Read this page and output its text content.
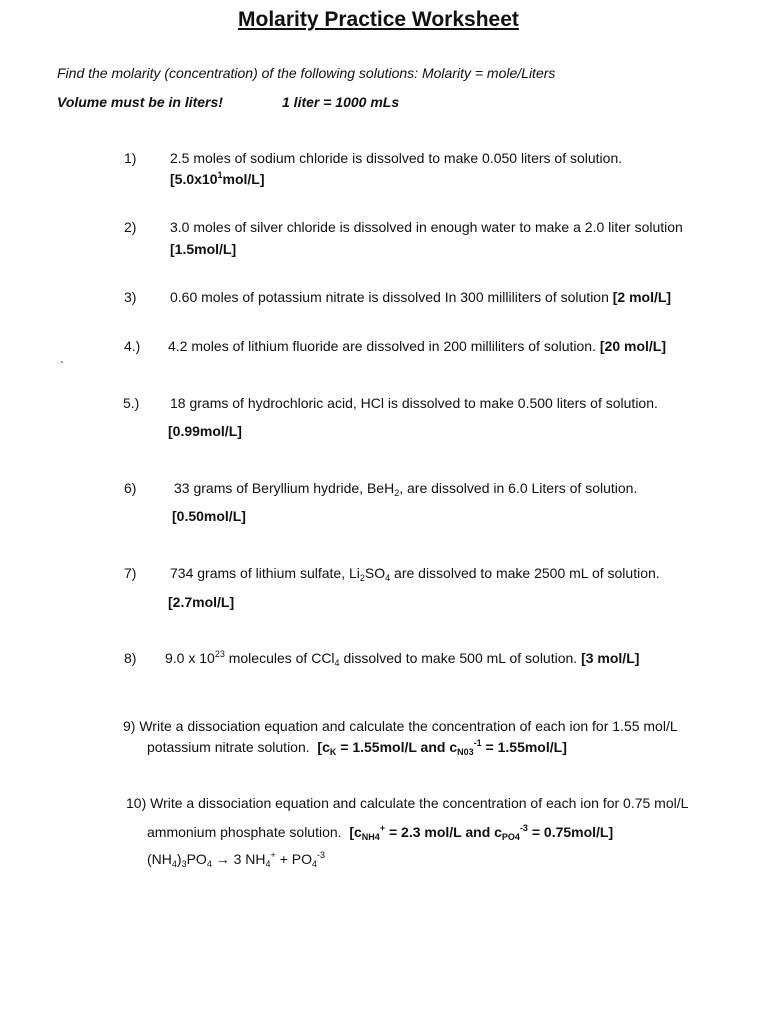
Molarity Practice Worksheet
Find the molarity (concentration) of the following solutions: Molarity = mole/Liters
Volume must be in liters!	1 liter = 1000 mLs
1) 2.5 moles of sodium chloride is dissolved to make 0.050 liters of solution.
$[5.0x10^1mol/L]$
2) 3.0 moles of silver chloride is dissolved in enough water to make a 2.0 liter solution
[1.5mol/L]
3) 0.60 moles of potassium nitrate is dissolved In 300 milliliters of solution [2 mol/L]
4.) 4.2 moles of lithium fluoride are dissolved in 200 milliliters of solution. [20 mol/L]
`
5.) 18 grams of hydrochloric acid, HCl is dissolved to make 0.500 liters of solution.
[0.99mol/L]
6)	33 grams of Beryllium hydride, BeH$_2$, are dissolved in 6.0 Liters of solution.
[0.50mol/L]
7) 734 grams of lithium sulfate, $Li_2SO_4$ are dissolved to make 2500 mL of solution.
[2.7mol/L]
8) 9.0 x $10^{23}$ molecules of CCl$_4$ dissolved to make 500 mL of solution. [3 mol/L]
9) Write a dissociation equation and calculate the concentration of each ion for 1.55 mol/L
potassium nitrate solution. [$c_K = 1.55mol/L$ and $c_{N03}^{-1} = 1.55mol/L$]
10) Write a dissociation equation and calculate the concentration of each ion for 0.75 mol/L
ammonium phosphate solution. [$c_{NH4}^+ = 2.3$ mol/L and $c_{PO4}^{-3} = 0.75mol/L$]
$(NH_4)_3PO_4 \to 3$ $NH_4^+ + PO_4^{-3}$
